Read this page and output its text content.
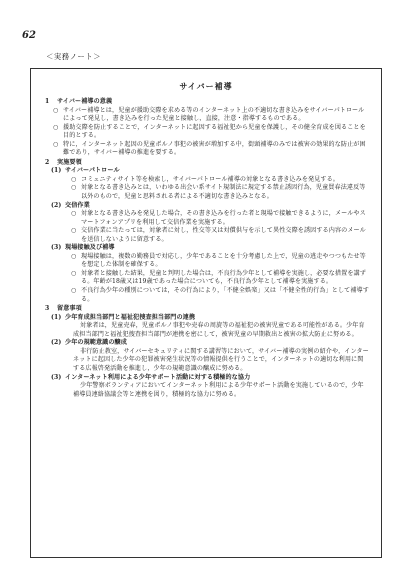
62
＜実務ノート＞
サイバー補導
1	サイバー補導の意義
○ サイバー補導とは，児童が援助交際を求める等のインターネット上の不適切な書き込みをサイバーパトロールによって発見し，書き込みを行った児童と接触し，直接，注意・指導するものである。
○ 援助交際を防止することで，インターネットに起因する福祉犯から児童を保護し，その健全育成を図ることを目的とする。
○ 特に，インターネット起因の児童ポルノ事犯の被害が増加する中，街頭補導のみでは被害の効果的な防止が困難であり，サイバー補導の推進を要する。
2	実施要領
(1) サイバーパトロール
○ コミュニティサイト等を検索し，サイバーパトロール補導の対象となる書き込みを発見する。
○ 対象となる書き込みとは，いわゆる出会い系サイト規制法に規定する禁止誘因行為，児童買春法違反等以外のもので，児童と思料される者による不適切な書き込みとなる。
(2) 交信作業
○ 対象となる書き込みを発見した場合，その書き込みを行った者と現場で接触できるように，メールやスマートフォンアプリを利用して交信作業を実施する。
○ 交信作業に当たっては，対象者に対し，性交等又は対償供与を示して異性交際を誘因する内容のメールを送信しないように留意する。
(3) 現場接触及び補導
○ 現場接触は，複数の勤務員で対応し，少年であることを十分考慮した上で，児童の逃走やつつもたせ等を想定した体制を確保する。
○ 対象者と接触した結果，児童と判明した場合は，不良行為少年として補導を実施し，必要な措置を講ずる。年齢が18歳又は19歳であった場合についても，不良行為少年として補導を実施する。
○ 不良行為少年の種別については，その行為により，「不健全娯楽」又は「不健全性的行為」として補導する。
3	留意事項
(1) 少年育成担当部門と福祉犯捜査担当部門の連携
対象者は，児童売春，児童ポルノ事犯や売春の周旋等の福祉犯の被害児童である可能性がある。少年育成担当部門と福祉犯捜査担当部門が連携を密にして，被害児童の早期救出と被害の拡大防止に努める。
(2) 少年の規範意識の醸成
非行防止教室，サイバーセキュリティに関する講習等において，サイバー補導の実例の紹介や，インターネットに起因した少年の犯罪被害発生状況等の情報提供を行うことで，インターネットの適切な利用に関する広報啓発活動を推進し，少年の規範意識の醸成に努める。
(3) インターネット利用による少年サポート活動に対する積極的な協力
少年警察ボランティアにおいてインターネット利用による少年サポート活動を実施しているので，少年補導員連絡協議会等と連携を図り，積極的な協力に努める。
